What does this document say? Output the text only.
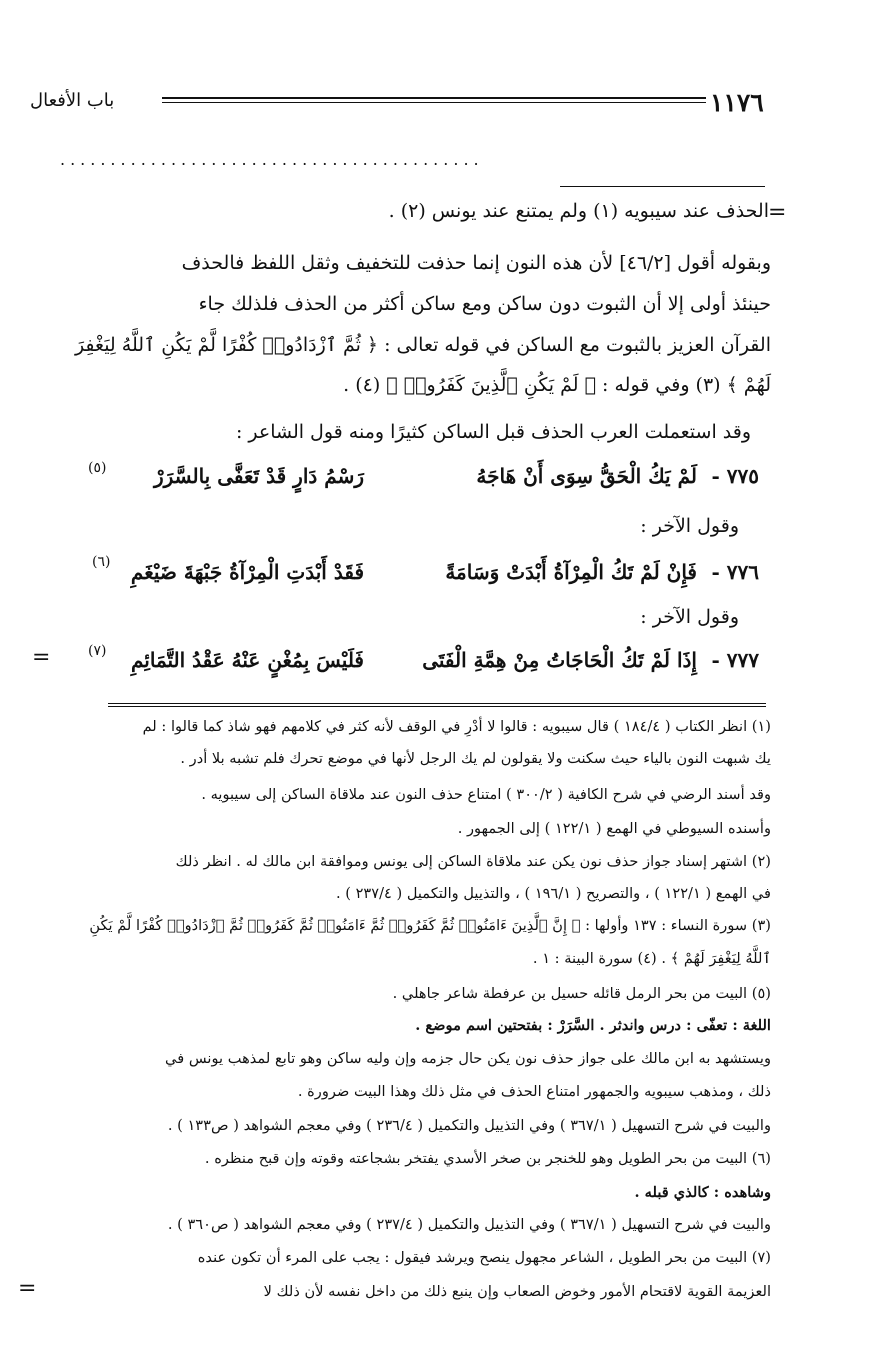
١١٧٦
باب الأفعال
..........................................
=
=
=
الحذف عند سيبويه (١) ولم يمتنع عند يونس (٢) .
وبقوله أقول [٤٦/٢] لأن هذه النون إنما حذفت للتخفيف وثقل اللفظ فالحذف
حينئذ أولى إلا أن الثبوت دون ساكن ومع ساكن أكثر من الحذف فلذلك جاء
القرآن العزيز بالثبوت مع الساكن في قوله تعالى : ﴿ ثُمَّ ٱزْدَادُوا۟ كُفْرًا لَّمْ يَكُنِ ٱللَّهُ لِيَغْفِرَ
لَهُمْ ﴾ (٣) وفي قوله : ﴿ لَمْ يَكُنِ ٱلَّذِينَ كَفَرُوا۟ ﴾ (٤) .
وقد استعملت العرب الحذف قبل الساكن كثيرًا ومنه قول الشاعر :
٧٧٥ -
لَمْ يَكُ الْحَقُّ سِوَى أَنْ هَاجَهُ
رَسْمُ دَارٍ قَدْ تَعَفَّى بِالسَّرَرْ
(٥)
وقول الآخر :
٧٧٦ -
فَإِنْ لَمْ تَكُ الْمِرْآةُ أَبْدَتْ وَسَامَةً
فَقَدْ أَبْدَتِ الْمِرْآةُ جَبْهَةَ ضَيْغَمِ
(٦)
وقول الآخر :
٧٧٧ -
إِذَا لَمْ تَكُ الْحَاجَاتُ مِنْ هِمَّةِ الْفَتَى
فَلَيْسَ بِمُغْنٍ عَنْهُ عَقْدُ التَّمَائِمِ
(٧)
(١) انظر الكتاب ( ١٨٤/٤ ) قال سيبويه : قالوا لا أدْرِ في الوقف لأنه كثر في كلامهم فهو شاذ كما قالوا : لم
يك شبهت النون بالياء حيث سكنت ولا يقولون لم يك الرجل لأنها في موضع تحرك فلم تشبه بلا أدر .
وقد أسند الرضي في شرح الكافية ( ٣٠٠/٢ ) امتناع حذف النون عند ملاقاة الساكن إلى سيبويه .
وأسنده السيوطي في الهمع ( ١٢٢/١ ) إلى الجمهور .
(٢) اشتهر إسناد جواز حذف نون يكن عند ملاقاة الساكن إلى يونس وموافقة ابن مالك له . انظر ذلك
في الهمع ( ١٢٢/١ ) ، والتصريح ( ١٩٦/١ ) ، والتذييل والتكميل ( ٢٣٧/٤ ) .
(٣) سورة النساء : ١٣٧ وأولها : ﴿ إِنَّ ٱلَّذِينَ ءَامَنُوا۟ ثُمَّ كَفَرُوا۟ ثُمَّ ءَامَنُوا۟ ثُمَّ كَفَرُوا۟ ثُمَّ ٱزْدَادُوا۟ كُفْرًا لَّمْ يَكُنِ
ٱللَّهُ لِيَغْفِرَ لَهُمْ ﴾ . (٤) سورة البينة : ١ .
(٥) البيت من بحر الرمل قائله حسيل بن عرفطة شاعر جاهلي .
اللغة : تعفّى : درس واندثر . السَّرَرْ : بفتحتين اسم موضع .
ويستشهد به ابن مالك على جواز حذف نون يكن حال جزمه وإن وليه ساكن وهو تابع لمذهب يونس في
ذلك ، ومذهب سيبويه والجمهور امتناع الحذف في مثل ذلك وهذا البيت ضرورة .
والبيت في شرح التسهيل ( ٣٦٧/١ ) وفي التذييل والتكميل ( ٢٣٦/٤ ) وفي معجم الشواهد ( ص١٣٣ ) .
(٦) البيت من بحر الطويل وهو للخنجر بن صخر الأسدي يفتخر بشجاعته وقوته وإن قبح منظره .
وشاهده : كالذي قبله .
والبيت في شرح التسهيل ( ٣٦٧/١ ) وفي التذييل والتكميل ( ٢٣٧/٤ ) وفي معجم الشواهد ( ص٣٦٠ ) .
(٧) البيت من بحر الطويل ، الشاعر مجهول ينصح ويرشد فيقول : يجب على المرء أن تكون عنده
العزيمة القوية لاقتحام الأمور وخوض الصعاب وإن ينبع ذلك من داخل نفسه لأن ذلك لا
